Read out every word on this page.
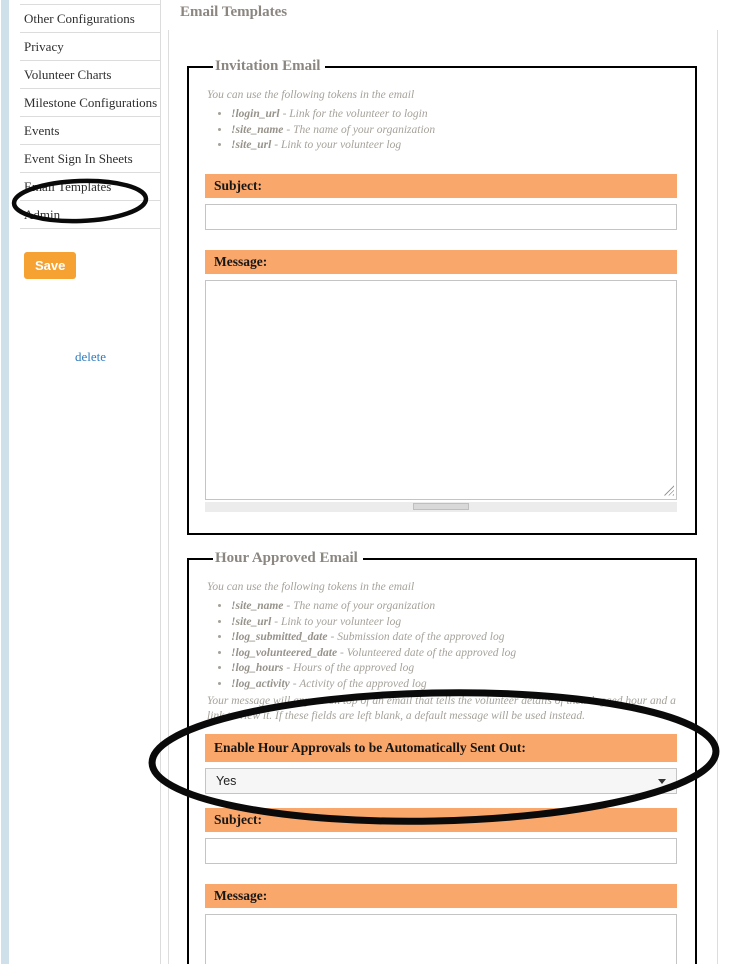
Other Configurations
Privacy
Volunteer Charts
Milestone Configurations
Events
Event Sign In Sheets
Email Templates
Admin
Save
delete
Email Templates
Invitation Email

You can use the following tokens in the email

• !login_url - Link for the volunteer to login
• !site_name - The name of your organization
• !site_url - Link to your volunteer log
Subject:
Message:
Hour Approved Email

You can use the following tokens in the email

• !site_name - The name of your organization
• !site_url - Link to your volunteer log
• !log_submitted_date - Submission date of the approved log
• !log_volunteered_date - Volunteered date of the approved log
• !log_hours - Hours of the approved log
• !log_activity - Activity of the approved log

Your message will appear on top of an email that tells the volunteer details of their logged hour and a link to view it. If these fields are left blank, a default message will be used instead.

Enable Hour Approvals to be Automatically Sent Out:
Yes
Subject:
Message:
